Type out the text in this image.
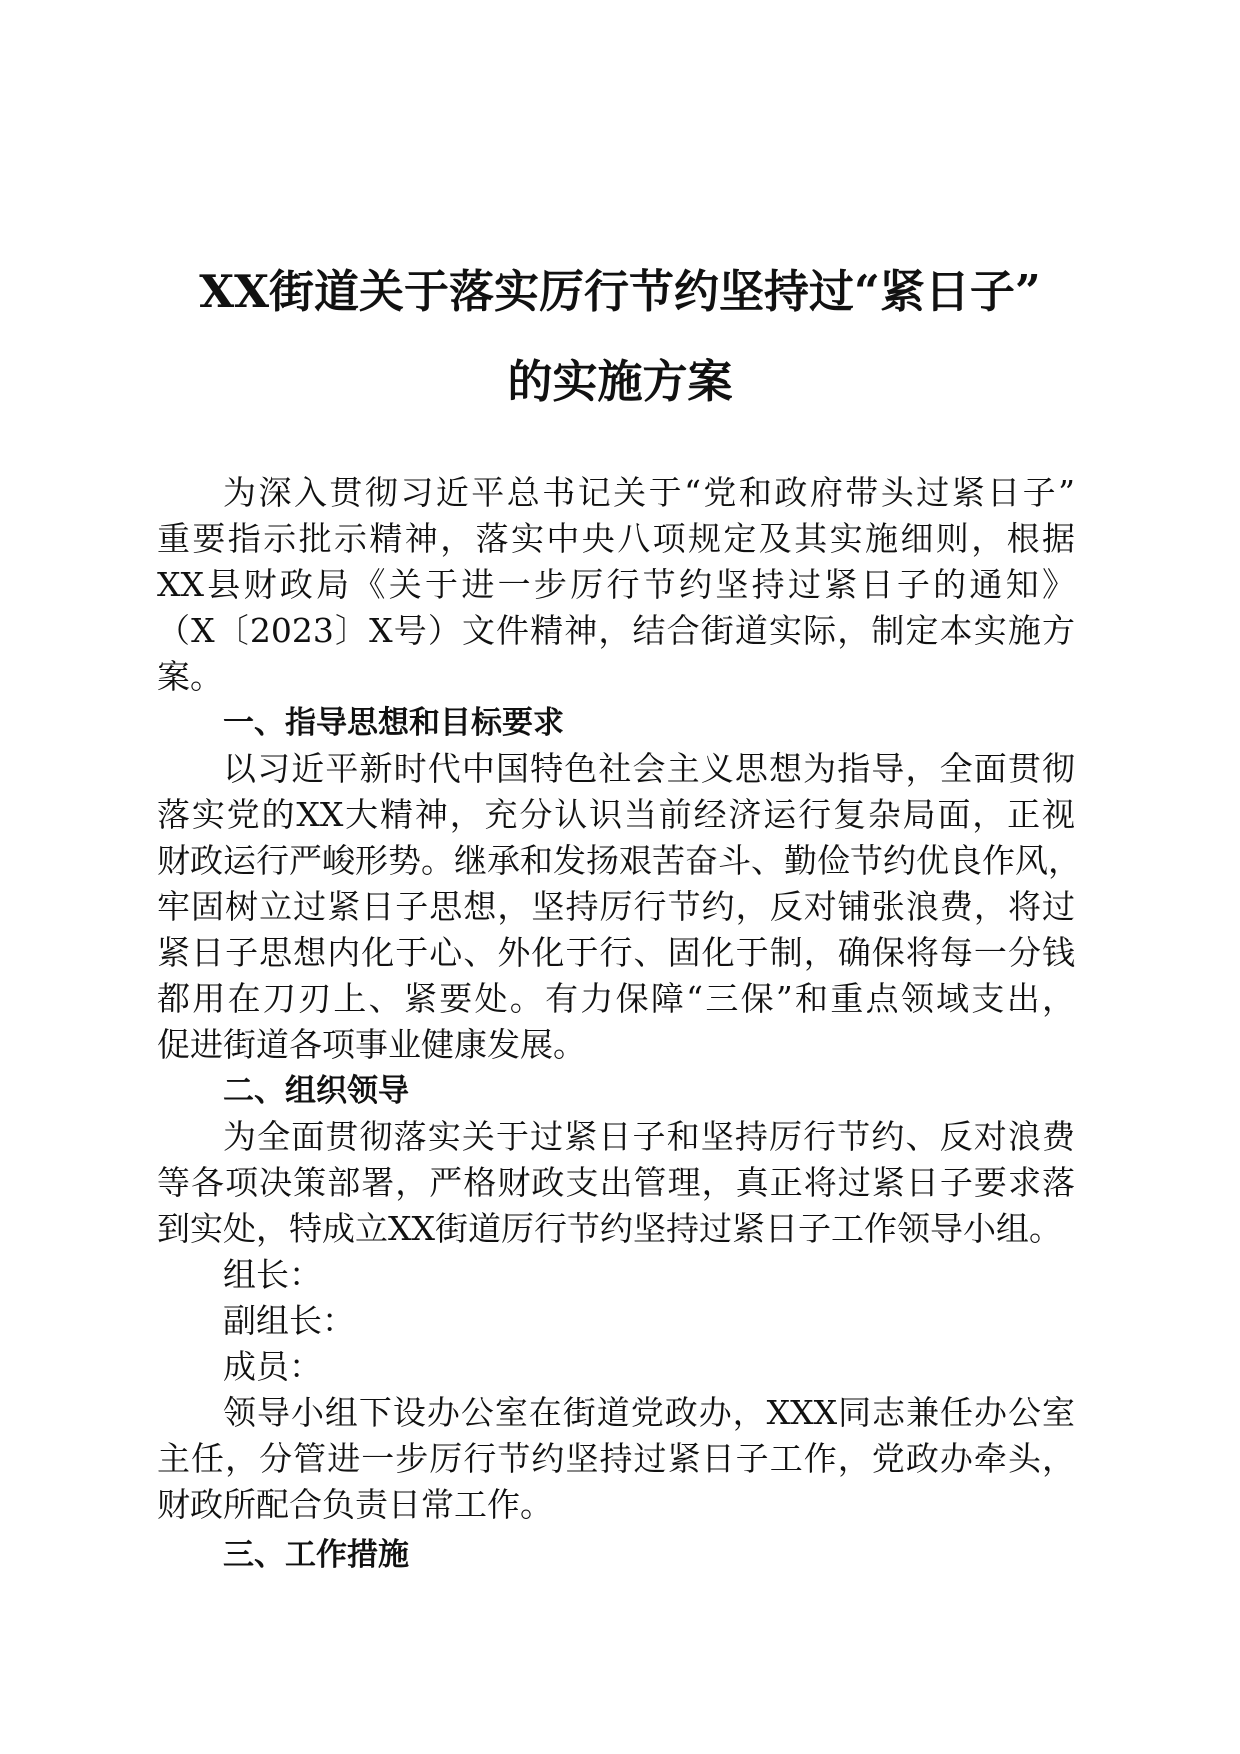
XX街道关于落实厉行节约坚持过“紧日子”
的实施方案
为深入贯彻习近平总书记关于“党和政府带头过紧日子”
重要指示批示精神，落实中央八项规定及其实施细则，根据
XX县财政局《关于进一步厉行节约坚持过紧日子的通知》
（X〔2023〕X号）文件精神，结合街道实际，制定本实施方
案。
一、指导思想和目标要求
以习近平新时代中国特色社会主义思想为指导，全面贯彻
落实党的XX大精神，充分认识当前经济运行复杂局面，正视
财政运行严峻形势。继承和发扬艰苦奋斗、勤俭节约优良作风，
牢固树立过紧日子思想，坚持厉行节约，反对铺张浪费，将过
紧日子思想内化于心、外化于行、固化于制，确保将每一分钱
都用在刀刃上、紧要处。有力保障“三保”和重点领域支出，
促进街道各项事业健康发展。
二、组织领导
为全面贯彻落实关于过紧日子和坚持厉行节约、反对浪费
等各项决策部署，严格财政支出管理，真正将过紧日子要求落
到实处，特成立XX街道厉行节约坚持过紧日子工作领导小组。
组长：
副组长：
成员：
领导小组下设办公室在街道党政办，XXX同志兼任办公室
主任，分管进一步厉行节约坚持过紧日子工作，党政办牵头，
财政所配合负责日常工作。
三、工作措施
